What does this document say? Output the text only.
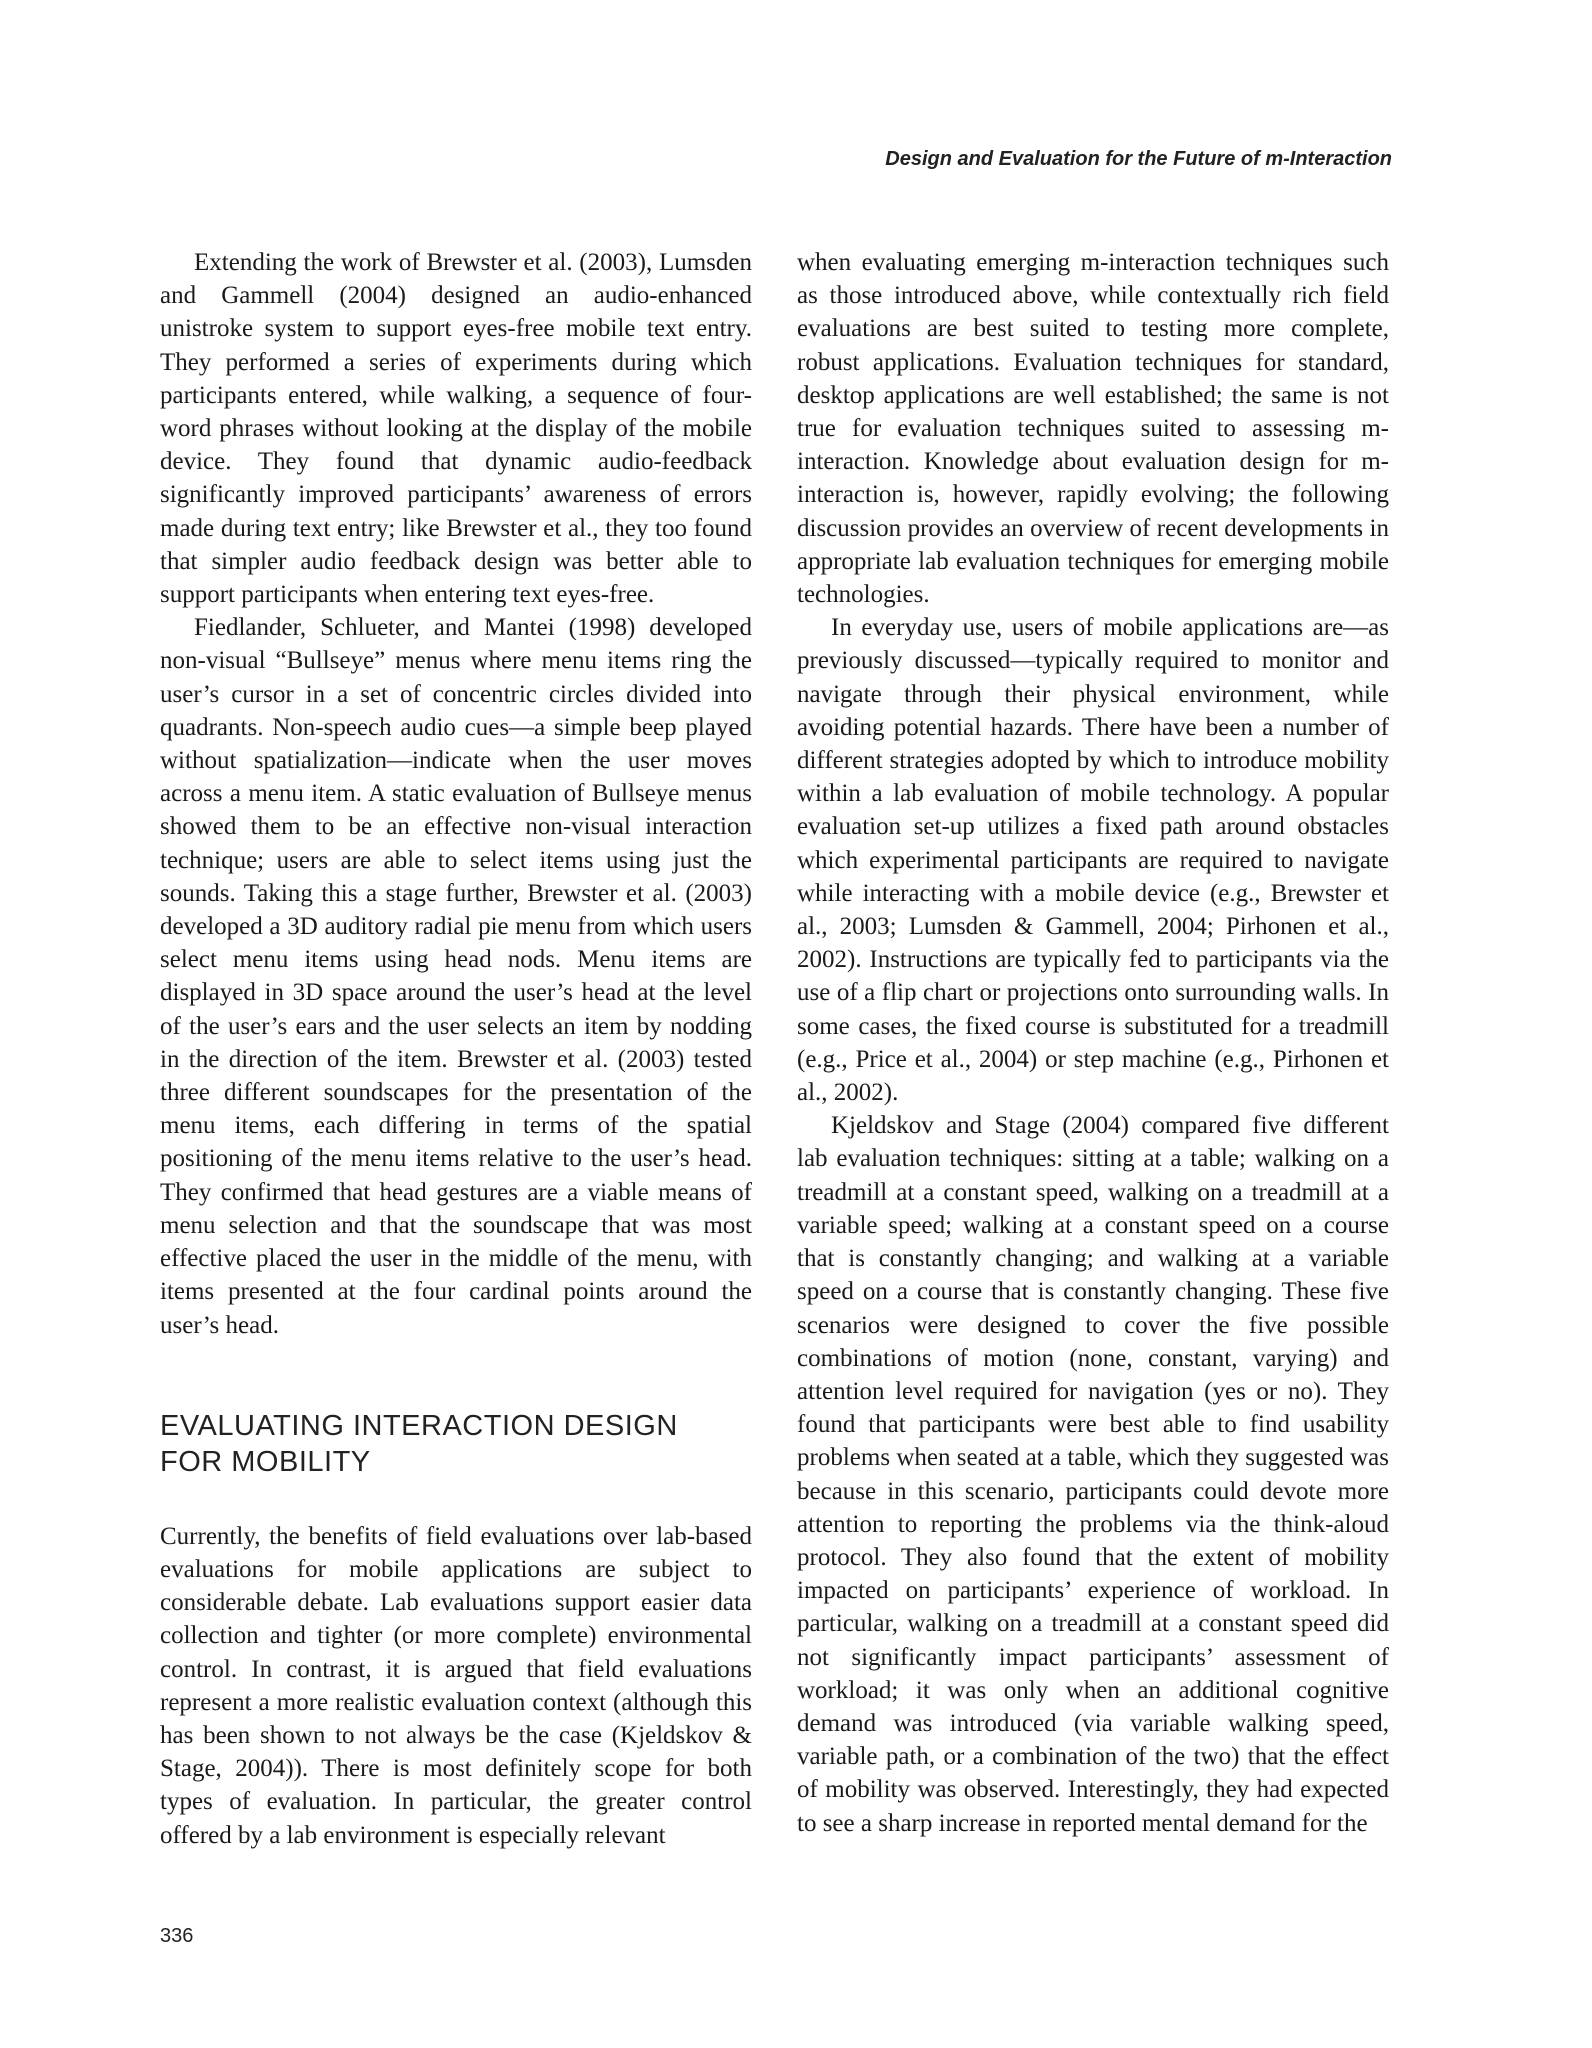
Design and Evaluation for the Future of m-Interaction

Extending the work of Brewster et al. (2003), Lumsden and Gammell (2004) designed an audio-enhanced unistroke system to support eyes-free mobile text entry. They performed a series of experiments during which participants entered, while walking, a sequence of four-word phrases without looking at the display of the mobile device. They found that dynamic audio-feedback significantly improved participants’ awareness of errors made during text entry; like Brewster et al., they too found that simpler audio feedback design was better able to support participants when entering text eyes-free.

Fiedlander, Schlueter, and Mantei (1998) developed non-visual “Bullseye” menus where menu items ring the user’s cursor in a set of concentric circles divided into quadrants. Non-speech audio cues—a simple beep played without spatialization—indicate when the user moves across a menu item. A static evaluation of Bullseye menus showed them to be an effective non-visual interaction technique; users are able to select items using just the sounds. Taking this a stage further, Brewster et al. (2003) developed a 3D auditory radial pie menu from which users select menu items using head nods. Menu items are displayed in 3D space around the user’s head at the level of the user’s ears and the user selects an item by nodding in the direction of the item. Brewster et al. (2003) tested three different soundscapes for the presentation of the menu items, each differing in terms of the spatial positioning of the menu items relative to the user’s head. They confirmed that head gestures are a viable means of menu selection and that the soundscape that was most effective placed the user in the middle of the menu, with items presented at the four cardinal points around the user’s head.

EVALUATING INTERACTION DESIGN
FOR MOBILITY

Currently, the benefits of field evaluations over lab-based evaluations for mobile applications are subject to considerable debate. Lab evaluations support easier data collection and tighter (or more complete) environmental control. In contrast, it is argued that field evaluations represent a more realistic evaluation context (although this has been shown to not always be the case (Kjeldskov & Stage, 2004)). There is most definitely scope for both types of evaluation. In particular, the greater control offered by a lab environment is especially relevant

when evaluating emerging m-interaction techniques such as those introduced above, while contextually rich field evaluations are best suited to testing more complete, robust applications. Evaluation techniques for standard, desktop applications are well established; the same is not true for evaluation techniques suited to assessing m-interaction. Knowledge about evaluation design for m-interaction is, however, rapidly evolving; the following discussion provides an overview of recent developments in appropriate lab evaluation techniques for emerging mobile technologies.

In everyday use, users of mobile applications are—as previously discussed—typically required to monitor and navigate through their physical environment, while avoiding potential hazards. There have been a number of different strategies adopted by which to introduce mobility within a lab evaluation of mobile technology. A popular evaluation set-up utilizes a fixed path around obstacles which experimental participants are required to navigate while interacting with a mobile device (e.g., Brewster et al., 2003; Lumsden & Gammell, 2004; Pirhonen et al., 2002). Instructions are typically fed to participants via the use of a flip chart or projections onto surrounding walls. In some cases, the fixed course is substituted for a treadmill (e.g., Price et al., 2004) or step machine (e.g., Pirhonen et al., 2002).

Kjeldskov and Stage (2004) compared five different lab evaluation techniques: sitting at a table; walking on a treadmill at a constant speed, walking on a treadmill at a variable speed; walking at a constant speed on a course that is constantly changing; and walking at a variable speed on a course that is constantly changing. These five scenarios were designed to cover the five possible combinations of motion (none, constant, varying) and attention level required for navigation (yes or no). They found that participants were best able to find usability problems when seated at a table, which they suggested was because in this scenario, participants could devote more attention to reporting the problems via the think-aloud protocol. They also found that the extent of mobility impacted on participants’ experience of workload. In particular, walking on a treadmill at a constant speed did not significantly impact participants’ assessment of workload; it was only when an additional cognitive demand was introduced (via variable walking speed, variable path, or a combination of the two) that the effect of mobility was observed. Interestingly, they had expected to see a sharp increase in reported mental demand for the

336
